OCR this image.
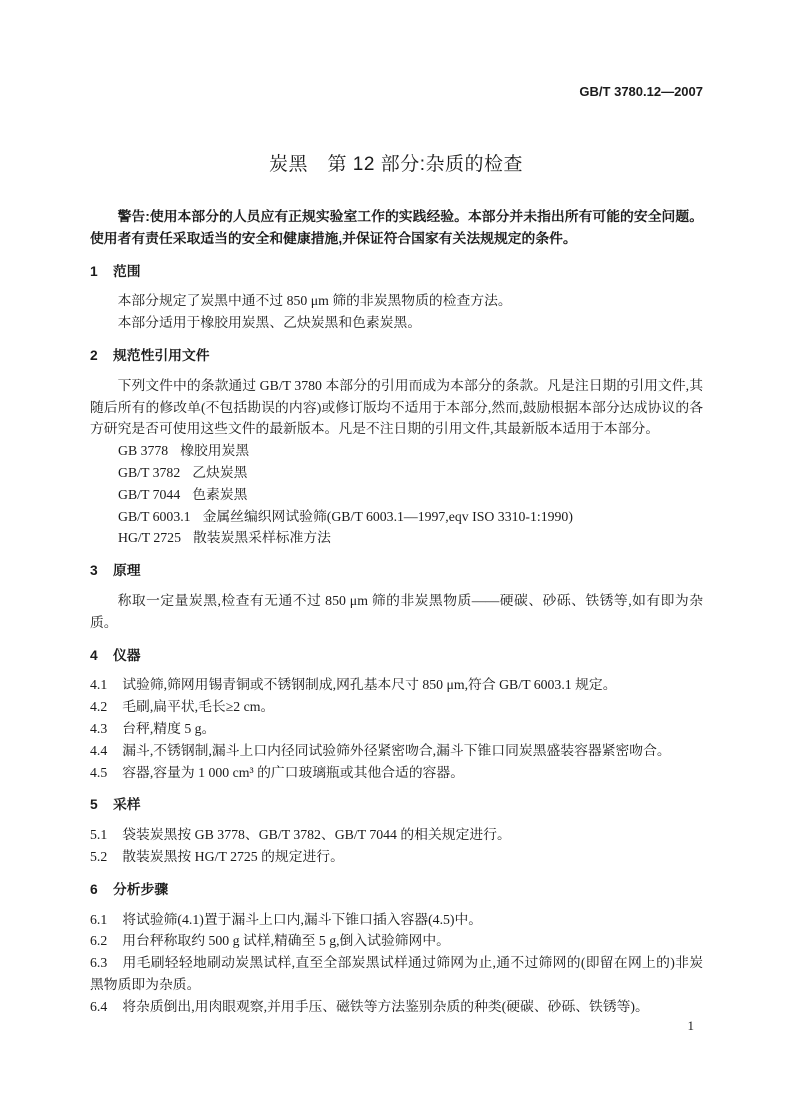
GB/T 3780.12—2007
炭黑　第 12 部分:杂质的检查

警告:使用本部分的人员应有正规实验室工作的实践经验。本部分并未指出所有可能的安全问题。使用者有责任采取适当的安全和健康措施,并保证符合国家有关法规规定的条件。

1 范围

本部分规定了炭黑中通不过 850 μm 筛的非炭黑物质的检查方法。

本部分适用于橡胶用炭黑、乙炔炭黑和色素炭黑。

2 规范性引用文件

下列文件中的条款通过 GB/T 3780 本部分的引用而成为本部分的条款。凡是注日期的引用文件,其随后所有的修改单(不包括勘误的内容)或修订版均不适用于本部分,然而,鼓励根据本部分达成协议的各方研究是否可使用这些文件的最新版本。凡是不注日期的引用文件,其最新版本适用于本部分。

GB 3778 橡胶用炭黑
GB/T 3782 乙炔炭黑
GB/T 7044 色素炭黑
GB/T 6003.1 金属丝编织网试验筛(GB/T 6003.1—1997,eqv ISO 3310-1:1990)
HG/T 2725 散装炭黑采样标准方法
3 原理

称取一定量炭黑,检查有无通不过 850 μm 筛的非炭黑物质——硬碳、砂砾、铁锈等,如有即为杂质。

4 仪器

4.1 试验筛,筛网用锡青铜或不锈钢制成,网孔基本尺寸 850 μm,符合 GB/T 6003.1 规定。

4.2 毛刷,扁平状,毛长≥2 cm。

4.3 台秤,精度 5 g。

4.4 漏斗,不锈钢制,漏斗上口内径同试验筛外径紧密吻合,漏斗下锥口同炭黑盛装容器紧密吻合。

4.5 容器,容量为 1 000 cm³ 的广口玻璃瓶或其他合适的容器。

5 采样

5.1 袋装炭黑按 GB 3778、GB/T 3782、GB/T 7044 的相关规定进行。

5.2 散装炭黑按 HG/T 2725 的规定进行。

6 分析步骤

6.1 将试验筛(4.1)置于漏斗上口内,漏斗下锥口插入容器(4.5)中。

6.2 用台秤称取约 500 g 试样,精确至 5 g,倒入试验筛网中。

6.3 用毛刷轻轻地刷动炭黑试样,直至全部炭黑试样通过筛网为止,通不过筛网的(即留在网上的)非炭黑物质即为杂质。

6.4 将杂质倒出,用肉眼观察,并用手压、磁铁等方法鉴别杂质的种类(硬碳、砂砾、铁锈等)。

1
